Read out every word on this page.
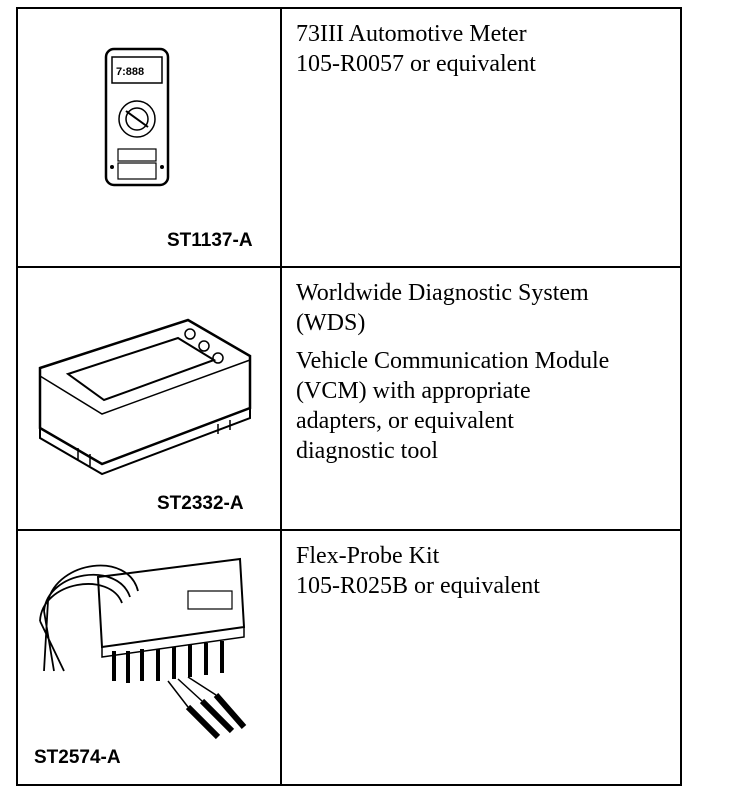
7:888
ST1137-A

73III Automotive Meter
105-R0057 or equivalent

ST2332-A

Worldwide Diagnostic System
(WDS)

Vehicle Communication Module
(VCM) with appropriate
adapters, or equivalent
diagnostic tool

ST2574-A

Flex-Probe Kit
105-R025B or equivalent
